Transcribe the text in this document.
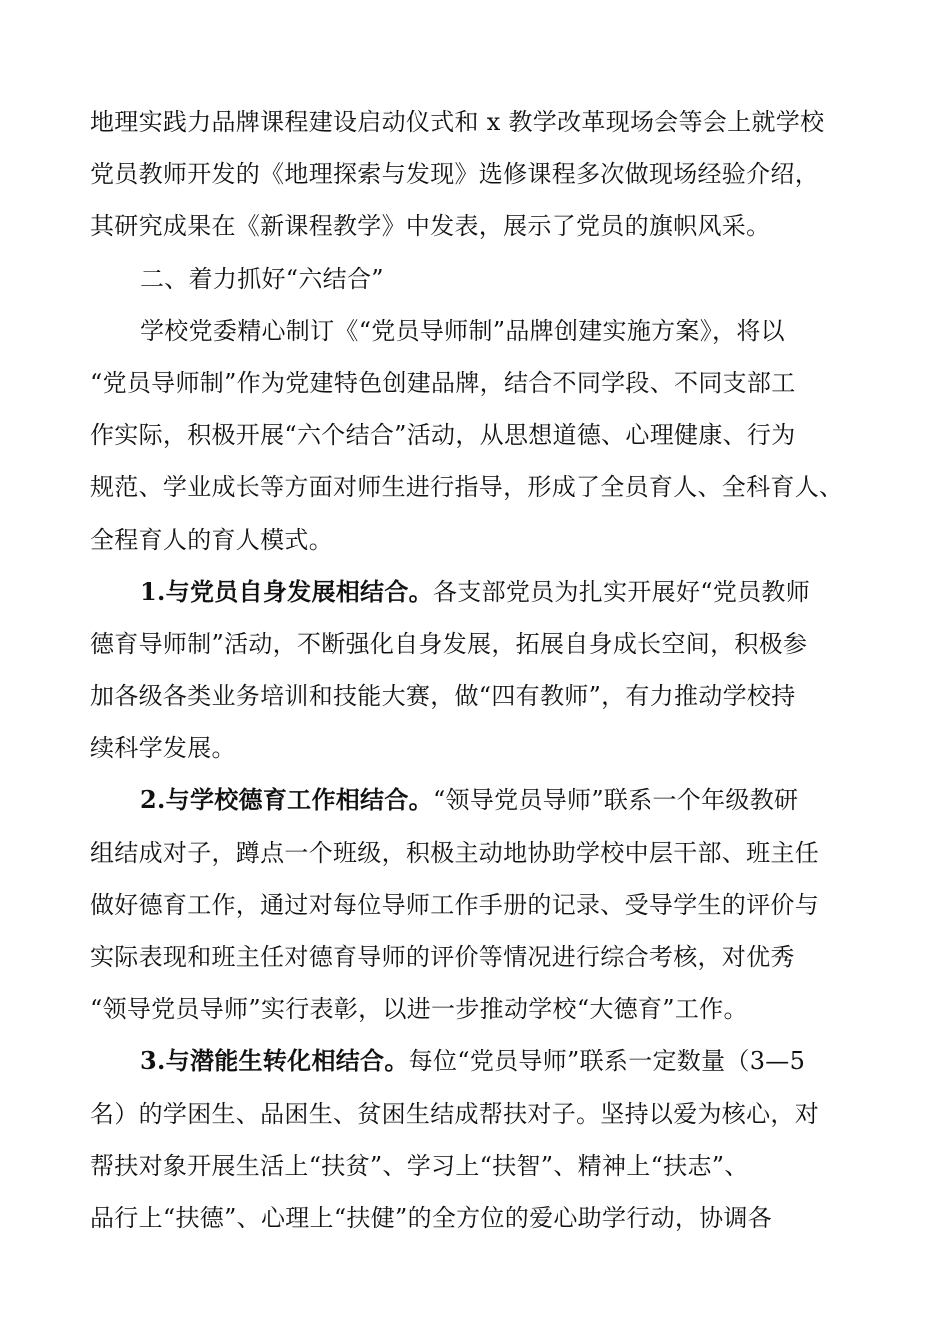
地理实践力品牌课程建设启动仪式和 x 教学改革现场会等会上就学校
党员教师开发的《地理探索与发现》选修课程多次做现场经验介绍，
其研究成果在《新课程教学》中发表，展示了党员的旗帜风采。
二、着力抓好“六结合”
学校党委精心制订《“党员导师制”品牌创建实施方案》，将以
“党员导师制”作为党建特色创建品牌，结合不同学段、不同支部工
作实际，积极开展“六个结合”活动，从思想道德、心理健康、行为
规范、学业成长等方面对师生进行指导，形成了全员育人、全科育人、
全程育人的育人模式。
1.与党员自身发展相结合。各支部党员为扎实开展好“党员教师
德育导师制”活动，不断强化自身发展，拓展自身成长空间，积极参
加各级各类业务培训和技能大赛，做“四有教师”，有力推动学校持
续科学发展。
2.与学校德育工作相结合。“领导党员导师”联系一个年级教研
组结成对子，蹲点一个班级，积极主动地协助学校中层干部、班主任
做好德育工作，通过对每位导师工作手册的记录、受导学生的评价与
实际表现和班主任对德育导师的评价等情况进行综合考核，对优秀
“领导党员导师”实行表彰，以进一步推动学校“大德育”工作。
3.与潜能生转化相结合。每位“党员导师”联系一定数量（3—5
名）的学困生、品困生、贫困生结成帮扶对子。坚持以爱为核心，对
帮扶对象开展生活上“扶贫”、学习上“扶智”、精神上“扶志”、
品行上“扶德”、心理上“扶健”的全方位的爱心助学行动，协调各
